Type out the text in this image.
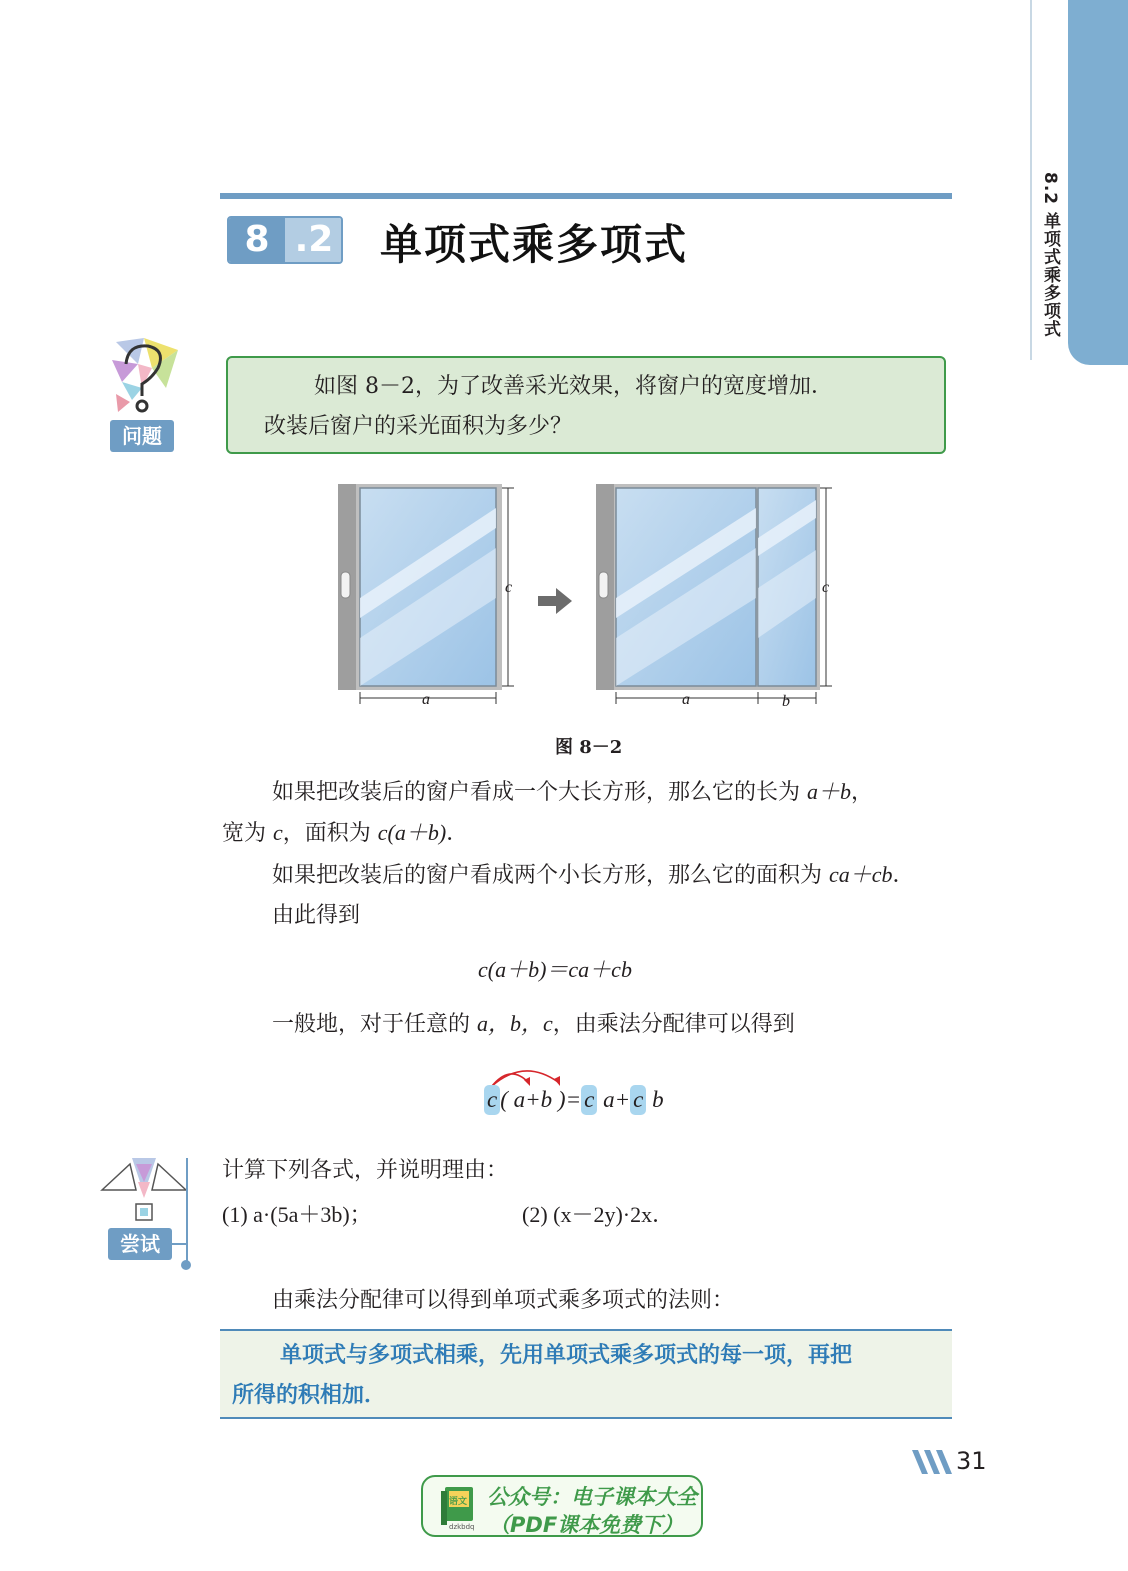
8.2 单项式乘多项式
8 .2 单项式乘多项式
问题
如图 8－2，为了改善采光效果，将窗户的宽度增加．
改装后窗户的采光面积为多少？
c
a
c
a	b
图 8－2
如果把改装后的窗户看成一个大长方形，那么它的长为 a＋b，
宽为 c，面积为 c(a＋b)．
如果把改装后的窗户看成两个小长方形，那么它的面积为 ca＋cb．
由此得到
c(a＋b)＝ca＋cb
一般地，对于任意的 a，b，c，由乘法分配律可以得到
c ( a+b )= c a+ c b
尝试
计算下列各式，并说明理由：
(1) a·(5a＋3b)；	(2) (x－2y)·2x．
由乘法分配律可以得到单项式乘多项式的法则：
单项式与多项式相乘，先用单项式乘多项式的每一项，再把
所得的积相加．
31
语文
dzkbdq
公众号：电子课本大全
（PDF课本免费下）
